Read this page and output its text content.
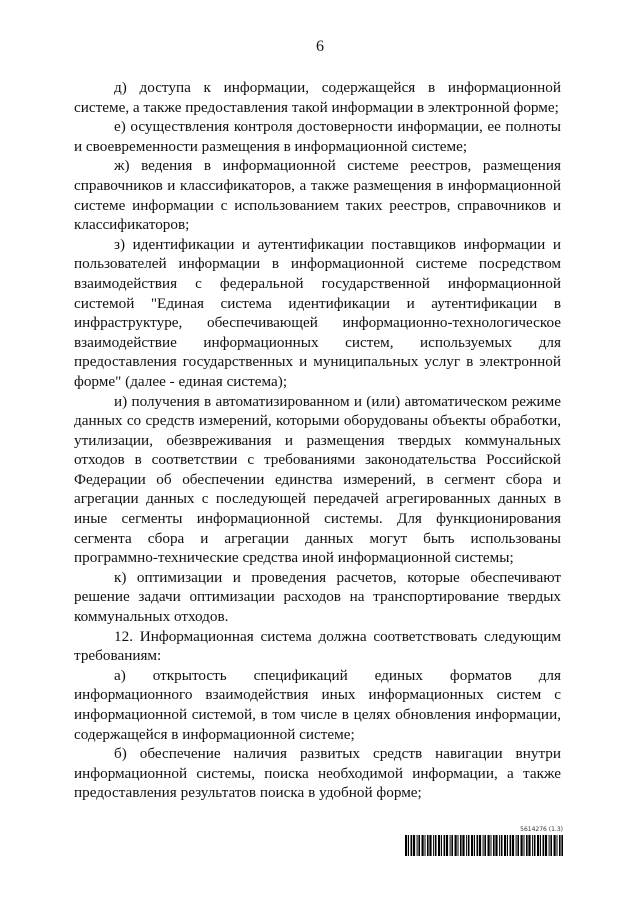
6

д) доступа к информации, содержащейся в информационной системе, а также предоставления такой информации в электронной форме;

е) осуществления контроля достоверности информации, ее полноты и своевременности размещения в информационной системе;

ж) ведения в информационной системе реестров, размещения справочников и классификаторов, а также размещения в информационной системе информации с использованием таких реестров, справочников и классификаторов;

з) идентификации и аутентификации поставщиков информации и пользователей информации в информационной системе посредством взаимодействия с федеральной государственной информационной системой "Единая система идентификации и аутентификации в инфраструктуре, обеспечивающей информационно-технологическое взаимодействие информационных систем, используемых для предоставления государственных и муниципальных услуг в электронной форме" (далее - единая система);

и) получения в автоматизированном и (или) автоматическом режиме данных со средств измерений, которыми оборудованы объекты обработки, утилизации, обезвреживания и размещения твердых коммунальных отходов в соответствии с требованиями законодательства Российской Федерации об обеспечении единства измерений, в сегмент сбора и агрегации данных с последующей передачей агрегированных данных в иные сегменты информационной системы. Для функционирования сегмента сбора и агрегации данных могут быть использованы программно-технические средства иной информационной системы;

к) оптимизации и проведения расчетов, которые обеспечивают решение задачи оптимизации расходов на транспортирование твердых коммунальных отходов.

12. Информационная система должна соответствовать следующим требованиям:

а) открытость спецификаций единых форматов для информационного взаимодействия иных информационных систем с информационной системой, в том числе в целях обновления информации, содержащейся в информационной системе;

б) обеспечение наличия развитых средств навигации внутри информационной системы, поиска необходимой информации, а также предоставления результатов поиска в удобной форме;

5614276 (1.3)
